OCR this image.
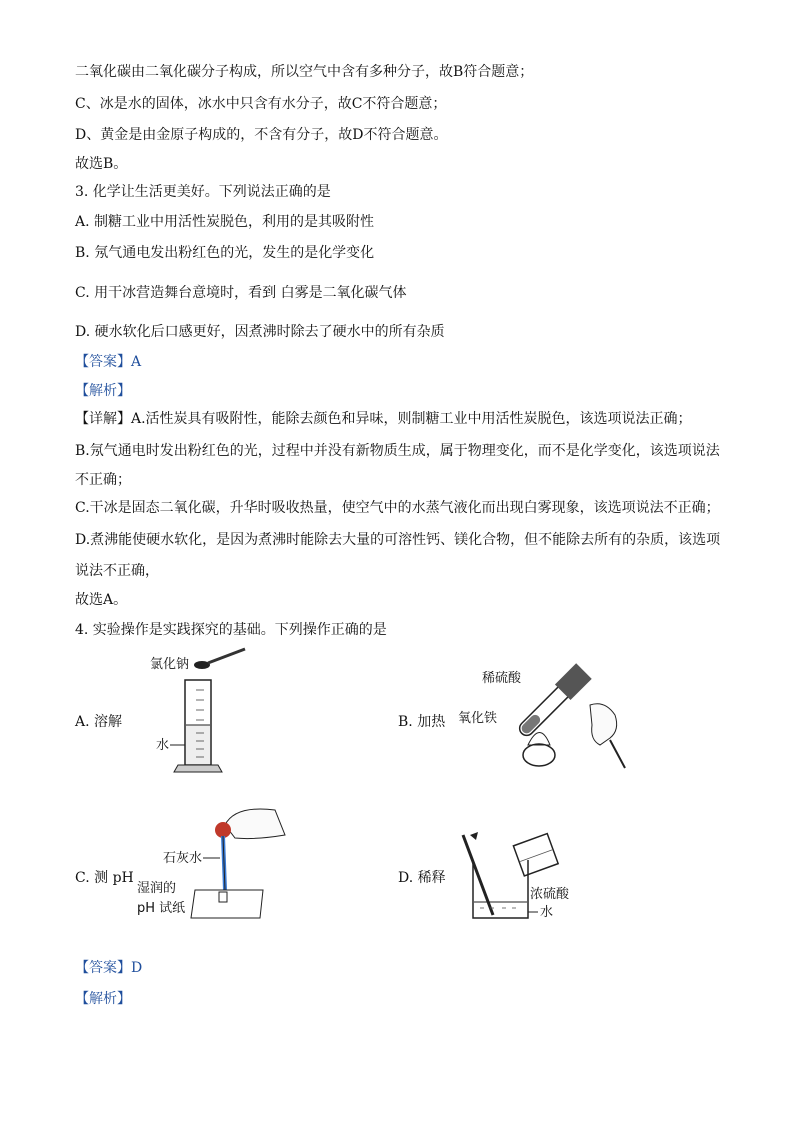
二氧化碳由二氧化碳分子构成，所以空气中含有多种分子，故B符合题意；
C、冰是水的固体，冰水中只含有水分子，故C不符合题意；
D、黄金是由金原子构成的，不含有分子，故D不符合题意。
故选B。
3. 化学让生活更美好。下列说法正确的是
A. 制糖工业中用活性炭脱色，利用的是其吸附性
B. 氖气通电发出粉红色的光，发生的是化学变化
C. 用干冰营造舞台意境时，看到 白雾是二氧化碳气体
D. 硬水软化后口感更好，因煮沸时除去了硬水中的所有杂质
【答案】A
【解析】
【详解】A.活性炭具有吸附性，能除去颜色和异味，则制糖工业中用活性炭脱色，该选项说法正确；
B.氖气通电时发出粉红色的光，过程中并没有新物质生成，属于物理变化，而不是化学变化，该选项说法
不正确；
C.干冰是固态二氧化碳，升华时吸收热量，使空气中的水蒸气液化而出现白雾现象，该选项说法不正确；
D.煮沸能使硬水软化，是因为煮沸时能除去大量的可溶性钙、镁化合物，但不能除去所有的杂质，该选项
说法不正确，
故选A。
4. 实验操作是实践探究的基础。下列操作正确的是
A. 溶解	B. 加热
C. 测 pH	D. 稀释
氯化钠
水
稀硫酸
氧化铁
石灰水
湿润的
pH 试纸
浓硫酸
水
【答案】D
【解析】
